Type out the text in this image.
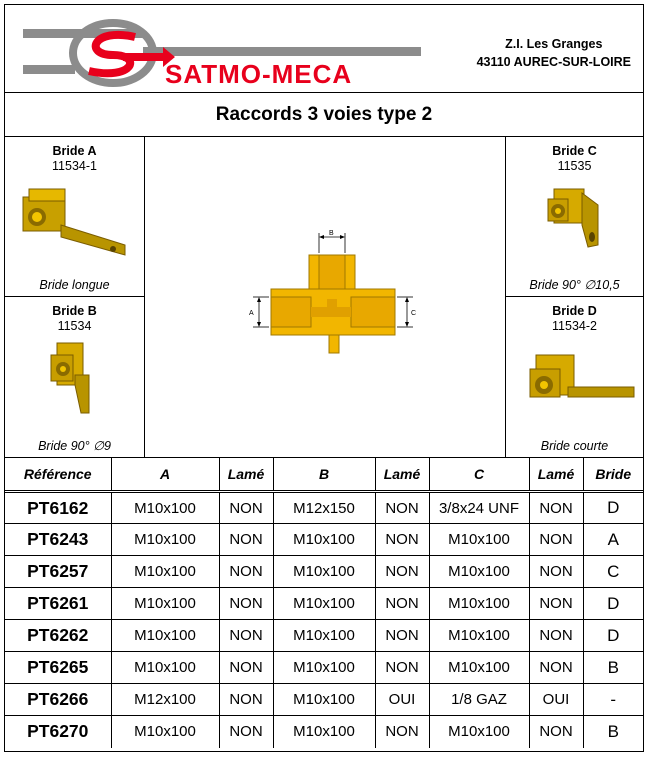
SATMO-MECA
Z.I. Les Granges
43110 AUREC-SUR-LOIRE
Raccords 3 voies type 2
Bride A
11534-1
Bride longue
Bride B
11534
Bride 90° ∅9
Bride C
11535
Bride 90° ∅10,5
Bride D
11534-2
Bride courte
B
A	C
Référence	A	Lamé	B	Lamé	C	Lamé	Bride
PT6162	M10x100	NON	M12x150	NON	3/8x24 UNF	NON	D
PT6243	M10x100	NON	M10x100	NON	M10x100	NON	A
PT6257	M10x100	NON	M10x100	NON	M10x100	NON	C
PT6261	M10x100	NON	M10x100	NON	M10x100	NON	D
PT6262	M10x100	NON	M10x100	NON	M10x100	NON	D
PT6265	M10x100	NON	M10x100	NON	M10x100	NON	B
PT6266	M12x100	NON	M10x100	OUI	1/8 GAZ	OUI	-
PT6270	M10x100	NON	M10x100	NON	M10x100	NON	B
